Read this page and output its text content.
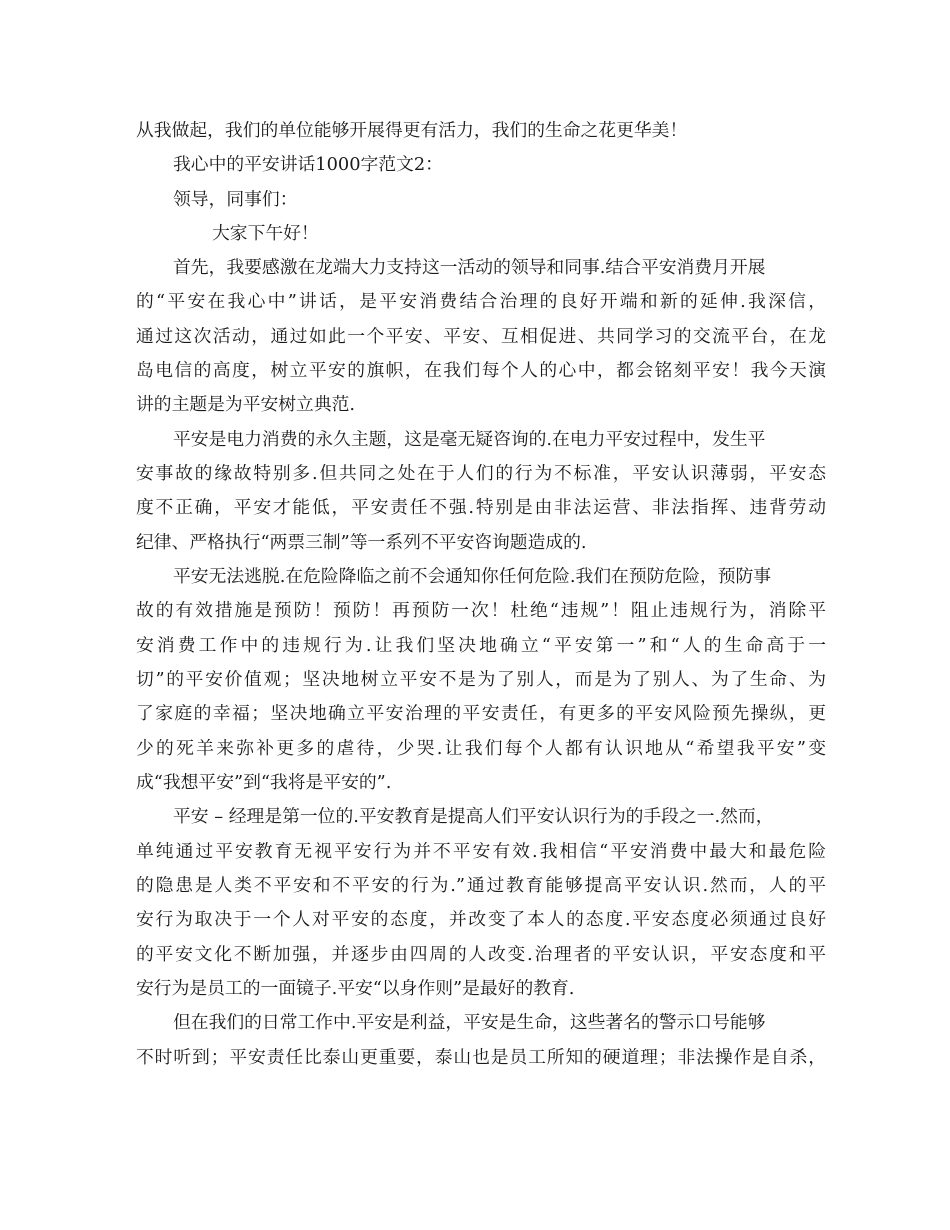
从我做起，我们的单位能够开展得更有活力，我们的生命之花更华美！
我心中的平安讲话1000字范文2：
领导，同事们：
大家下午好！
首先，我要感激在龙端大力支持这一活动的领导和同事.结合平安消费月开展
的“平安在我心中”讲话，是平安消费结合治理的良好开端和新的延伸.我深信，
通过这次活动，通过如此一个平安、平安、互相促进、共同学习的交流平台，在龙
岛电信的高度，树立平安的旗帜，在我们每个人的心中，都会铭刻平安！我今天演
讲的主题是为平安树立典范.
平安是电力消费的永久主题，这是毫无疑咨询的.在电力平安过程中，发生平
安事故的缘故特别多.但共同之处在于人们的行为不标准，平安认识薄弱，平安态
度不正确，平安才能低，平安责任不强.特别是由非法运营、非法指挥、违背劳动
纪律、严格执行“两票三制”等一系列不平安咨询题造成的.
平安无法逃脱.在危险降临之前不会通知你任何危险.我们在预防危险，预防事
故的有效措施是预防！预防！再预防一次！杜绝“违规”！阻止违规行为，消除平
安消费工作中的违规行为.让我们坚决地确立“平安第一”和“人的生命高于一
切”的平安价值观；坚决地树立平安不是为了别人，而是为了别人、为了生命、为
了家庭的幸福；坚决地确立平安治理的平安责任，有更多的平安风险预先操纵，更
少的死羊来弥补更多的虐待，少哭.让我们每个人都有认识地从“希望我平安”变
成“我想平安”到“我将是平安的”.
平安 – 经理是第一位的.平安教育是提高人们平安认识行为的手段之一.然而，
单纯通过平安教育无视平安行为并不平安有效.我相信“平安消费中最大和最危险
的隐患是人类不平安和不平安的行为.”通过教育能够提高平安认识.然而，人的平
安行为取决于一个人对平安的态度，并改变了本人的态度.平安态度必须通过良好
的平安文化不断加强，并逐步由四周的人改变.治理者的平安认识，平安态度和平
安行为是员工的一面镜子.平安“以身作则”是最好的教育.
但在我们的日常工作中.平安是利益，平安是生命，这些著名的警示口号能够
不时听到；平安责任比泰山更重要，泰山也是员工所知的硬道理；非法操作是自杀，
